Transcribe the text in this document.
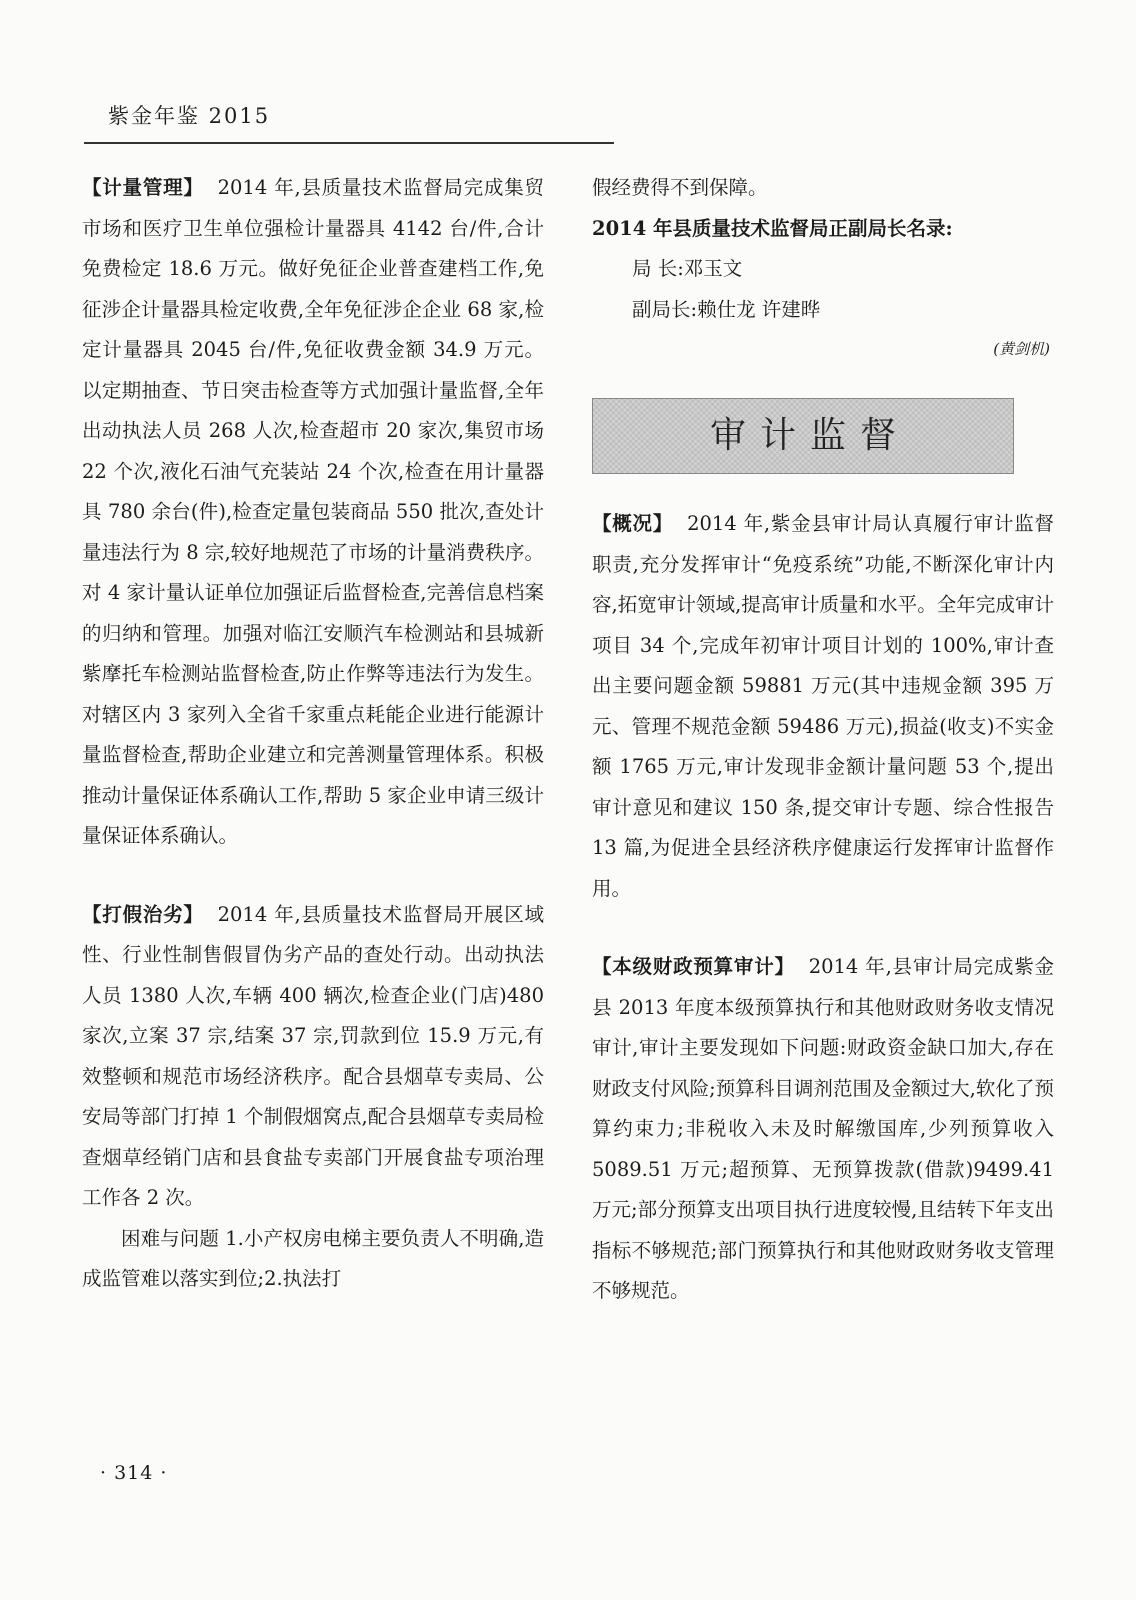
紫金年鉴 2015

【计量管理】 2014 年,县质量技术监督局完成集贸市场和医疗卫生单位强检计量器具 4142 台/件,合计免费检定 18.6 万元。做好免征企业普查建档工作,免征涉企计量器具检定收费,全年免征涉企企业 68 家,检定计量器具 2045 台/件,免征收费金额 34.9 万元。以定期抽查、节日突击检查等方式加强计量监督,全年出动执法人员 268 人次,检查超市 20 家次,集贸市场 22 个次,液化石油气充装站 24 个次,检查在用计量器具 780 余台(件),检查定量包装商品 550 批次,查处计量违法行为 8 宗,较好地规范了市场的计量消费秩序。对 4 家计量认证单位加强证后监督检查,完善信息档案的归纳和管理。加强对临江安顺汽车检测站和县城新紫摩托车检测站监督检查,防止作弊等违法行为发生。对辖区内 3 家列入全省千家重点耗能企业进行能源计量监督检查,帮助企业建立和完善测量管理体系。积极推动计量保证体系确认工作,帮助 5 家企业申请三级计量保证体系确认。

【打假治劣】 2014 年,县质量技术监督局开展区域性、行业性制售假冒伪劣产品的查处行动。出动执法人员 1380 人次,车辆 400 辆次,检查企业(门店)480 家次,立案 37 宗,结案 37 宗,罚款到位 15.9 万元,有效整顿和规范市场经济秩序。配合县烟草专卖局、公安局等部门打掉 1 个制假烟窝点,配合县烟草专卖局检查烟草经销门店和县食盐专卖部门开展食盐专项治理工作各 2 次。

困难与问题 1.小产权房电梯主要负责人不明确,造成监管难以落实到位;2.执法打

假经费得不到保障。

2014 年县质量技术监督局正副局长名录:

局 长:邓玉文

副局长:赖仕龙 许建晔

(黄剑机)

审计监督

【概况】 2014 年,紫金县审计局认真履行审计监督职责,充分发挥审计“免疫系统”功能,不断深化审计内容,拓宽审计领域,提高审计质量和水平。全年完成审计项目 34 个,完成年初审计项目计划的 100%,审计查出主要问题金额 59881 万元(其中违规金额 395 万元、管理不规范金额 59486 万元),损益(收支)不实金额 1765 万元,审计发现非金额计量问题 53 个,提出审计意见和建议 150 条,提交审计专题、综合性报告 13 篇,为促进全县经济秩序健康运行发挥审计监督作用。

【本级财政预算审计】 2014 年,县审计局完成紫金县 2013 年度本级预算执行和其他财政财务收支情况审计,审计主要发现如下问题:财政资金缺口加大,存在财政支付风险;预算科目调剂范围及金额过大,软化了预算约束力;非税收入未及时解缴国库,少列预算收入 5089.51 万元;超预算、无预算拨款(借款)9499.41 万元;部分预算支出项目执行进度较慢,且结转下年支出指标不够规范;部门预算执行和其他财政财务收支管理不够规范。

· 314 ·
